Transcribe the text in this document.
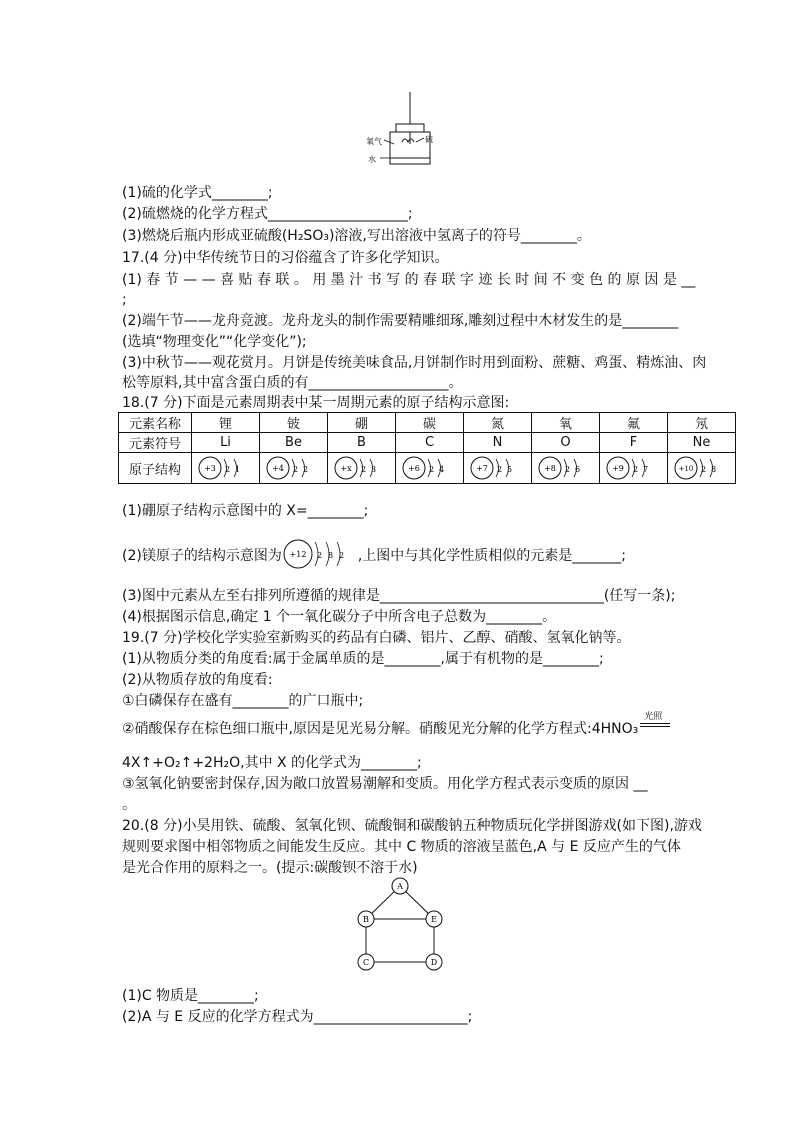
氧气	硫
水
(1)硫的化学式________;
(2)硫燃烧的化学方程式____________________;
(3)燃烧后瓶内形成亚硫酸(H₂SO₃)溶液,写出溶液中氢离子的符号________。
17.(4 分)中华传统节日的习俗蕴含了许多化学知识。
(1) 春 节 — — 喜 贴 春 联 。 用 墨 汁 书 写 的 春 联 字 迹 长 时 间 不 变 色 的 原 因 是 __
;
(2)端午节——龙舟竞渡。龙舟龙头的制作需要精雕细琢,雕刻过程中木材发生的是________
(选填“物理变化”“化学变化”);
(3)中秋节——观花赏月。月饼是传统美味食品,月饼制作时用到面粉、蔗糖、鸡蛋、精炼油、肉
松等原料,其中富含蛋白质的有____________________。
18.(7 分)下面是元素周期表中某一周期元素的原子结构示意图:
元素名称	锂	铍	硼	碳	氮	氧	氟	氖
元素符号	Li	Be	B	C	N	O	F	Ne
原子结构	+3 2 1	+4 2 2	+x 2 3	+6 2 4	+7 2 5	+8 2 6	+9 2 7	+10 2 8
(1)硼原子结构示意图中的 X=________;
(2)镁原子的结构示意图为 +12 2 8 2 ,上图中与其化学性质相似的元素是_______;
(3)图中元素从左至右排列所遵循的规律是________________________________(任写一条);
(4)根据图示信息,确定 1 个一氧化碳分子中所含电子总数为________。
19.(7 分)学校化学实验室新购买的药品有白磷、铝片、乙醇、硝酸、氢氧化钠等。
(1)从物质分类的角度看:属于金属单质的是________,属于有机物的是________;
(2)从物质存放的角度看:
①白磷保存在盛有________的广口瓶中;
②硝酸保存在棕色细口瓶中,原因是见光易分解。硝酸见光分解的化学方程式:4HNO₃
光照
4X↑+O₂↑+2H₂O,其中 X 的化学式为________;
③氢氧化钠要密封保存,因为敞口放置易潮解和变质。用化学方程式表示变质的原因 __
。
20.(8 分)小昊用铁、硫酸、氢氧化钡、硫酸铜和碳酸钠五种物质玩化学拼图游戏(如下图),游戏
规则要求图中相邻物质之间能发生反应。其中 C 物质的溶液呈蓝色,A 与 E 反应产生的气体
是光合作用的原料之一。(提示:碳酸钡不溶于水)
A
B	E
C	D
(1)C 物质是________;
(2)A 与 E 反应的化学方程式为______________________;
